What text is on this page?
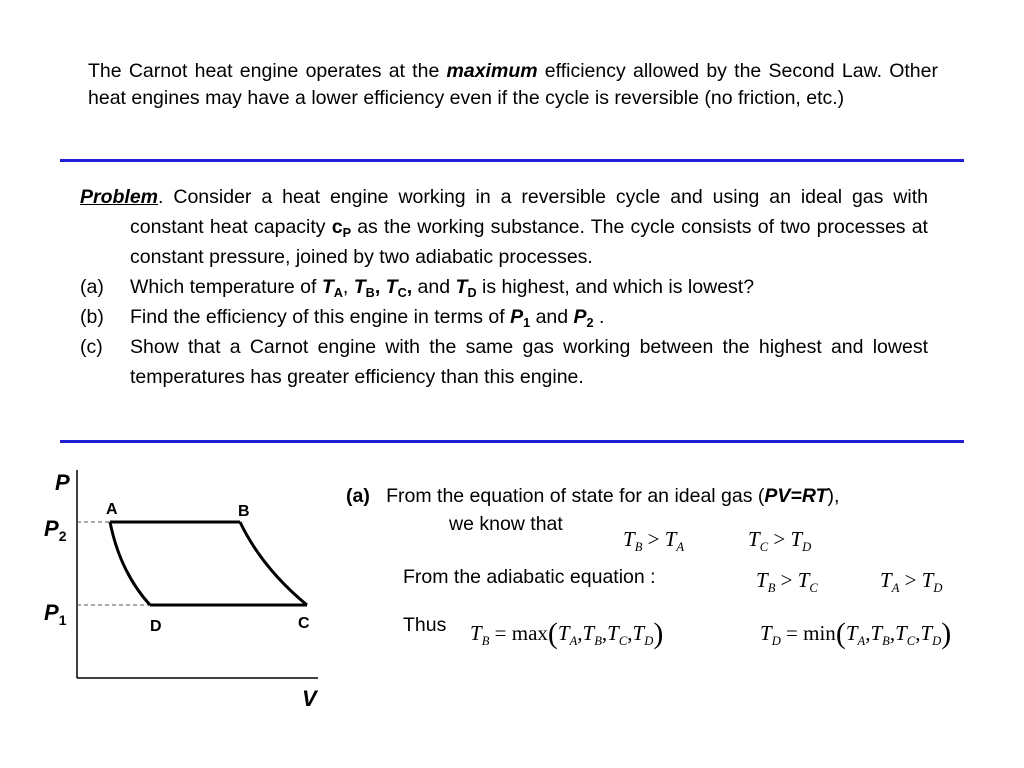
The Carnot heat engine operates at the maximum efficiency allowed by the Second Law. Other heat engines may have a lower efficiency even if the cycle is reversible (no friction, etc.)

Problem. Consider a heat engine working in a reversible cycle and using an ideal gas with constant heat capacity $c_P$ as the working substance. The cycle consists of two processes at constant pressure, joined by two adiabatic processes.

(a) Which temperature of $T_A$, $T_B$, $T_C$, and $T_D$ is highest, and which is lowest?
(b) Find the efficiency of this engine in terms of $P_1$ and $P_2$ .
(c) Show that a Carnot engine with the same gas working between the highest and lowest temperatures has greater efficiency than this engine.
P
V
$P_2$
$P_1$
A	B
C
D
(a) From the equation of state for an ideal gas (PV=RT),
we know that
$T_B > T_A$	$T_C > T_D$
From the adiabatic equation :	$T_B > T_C$	$T_A > T_D$
Thus $T_B = \max(T_A,T_B,T_C,T_D)$	$T_D = \min(T_A,T_B,T_C,T_D)$
